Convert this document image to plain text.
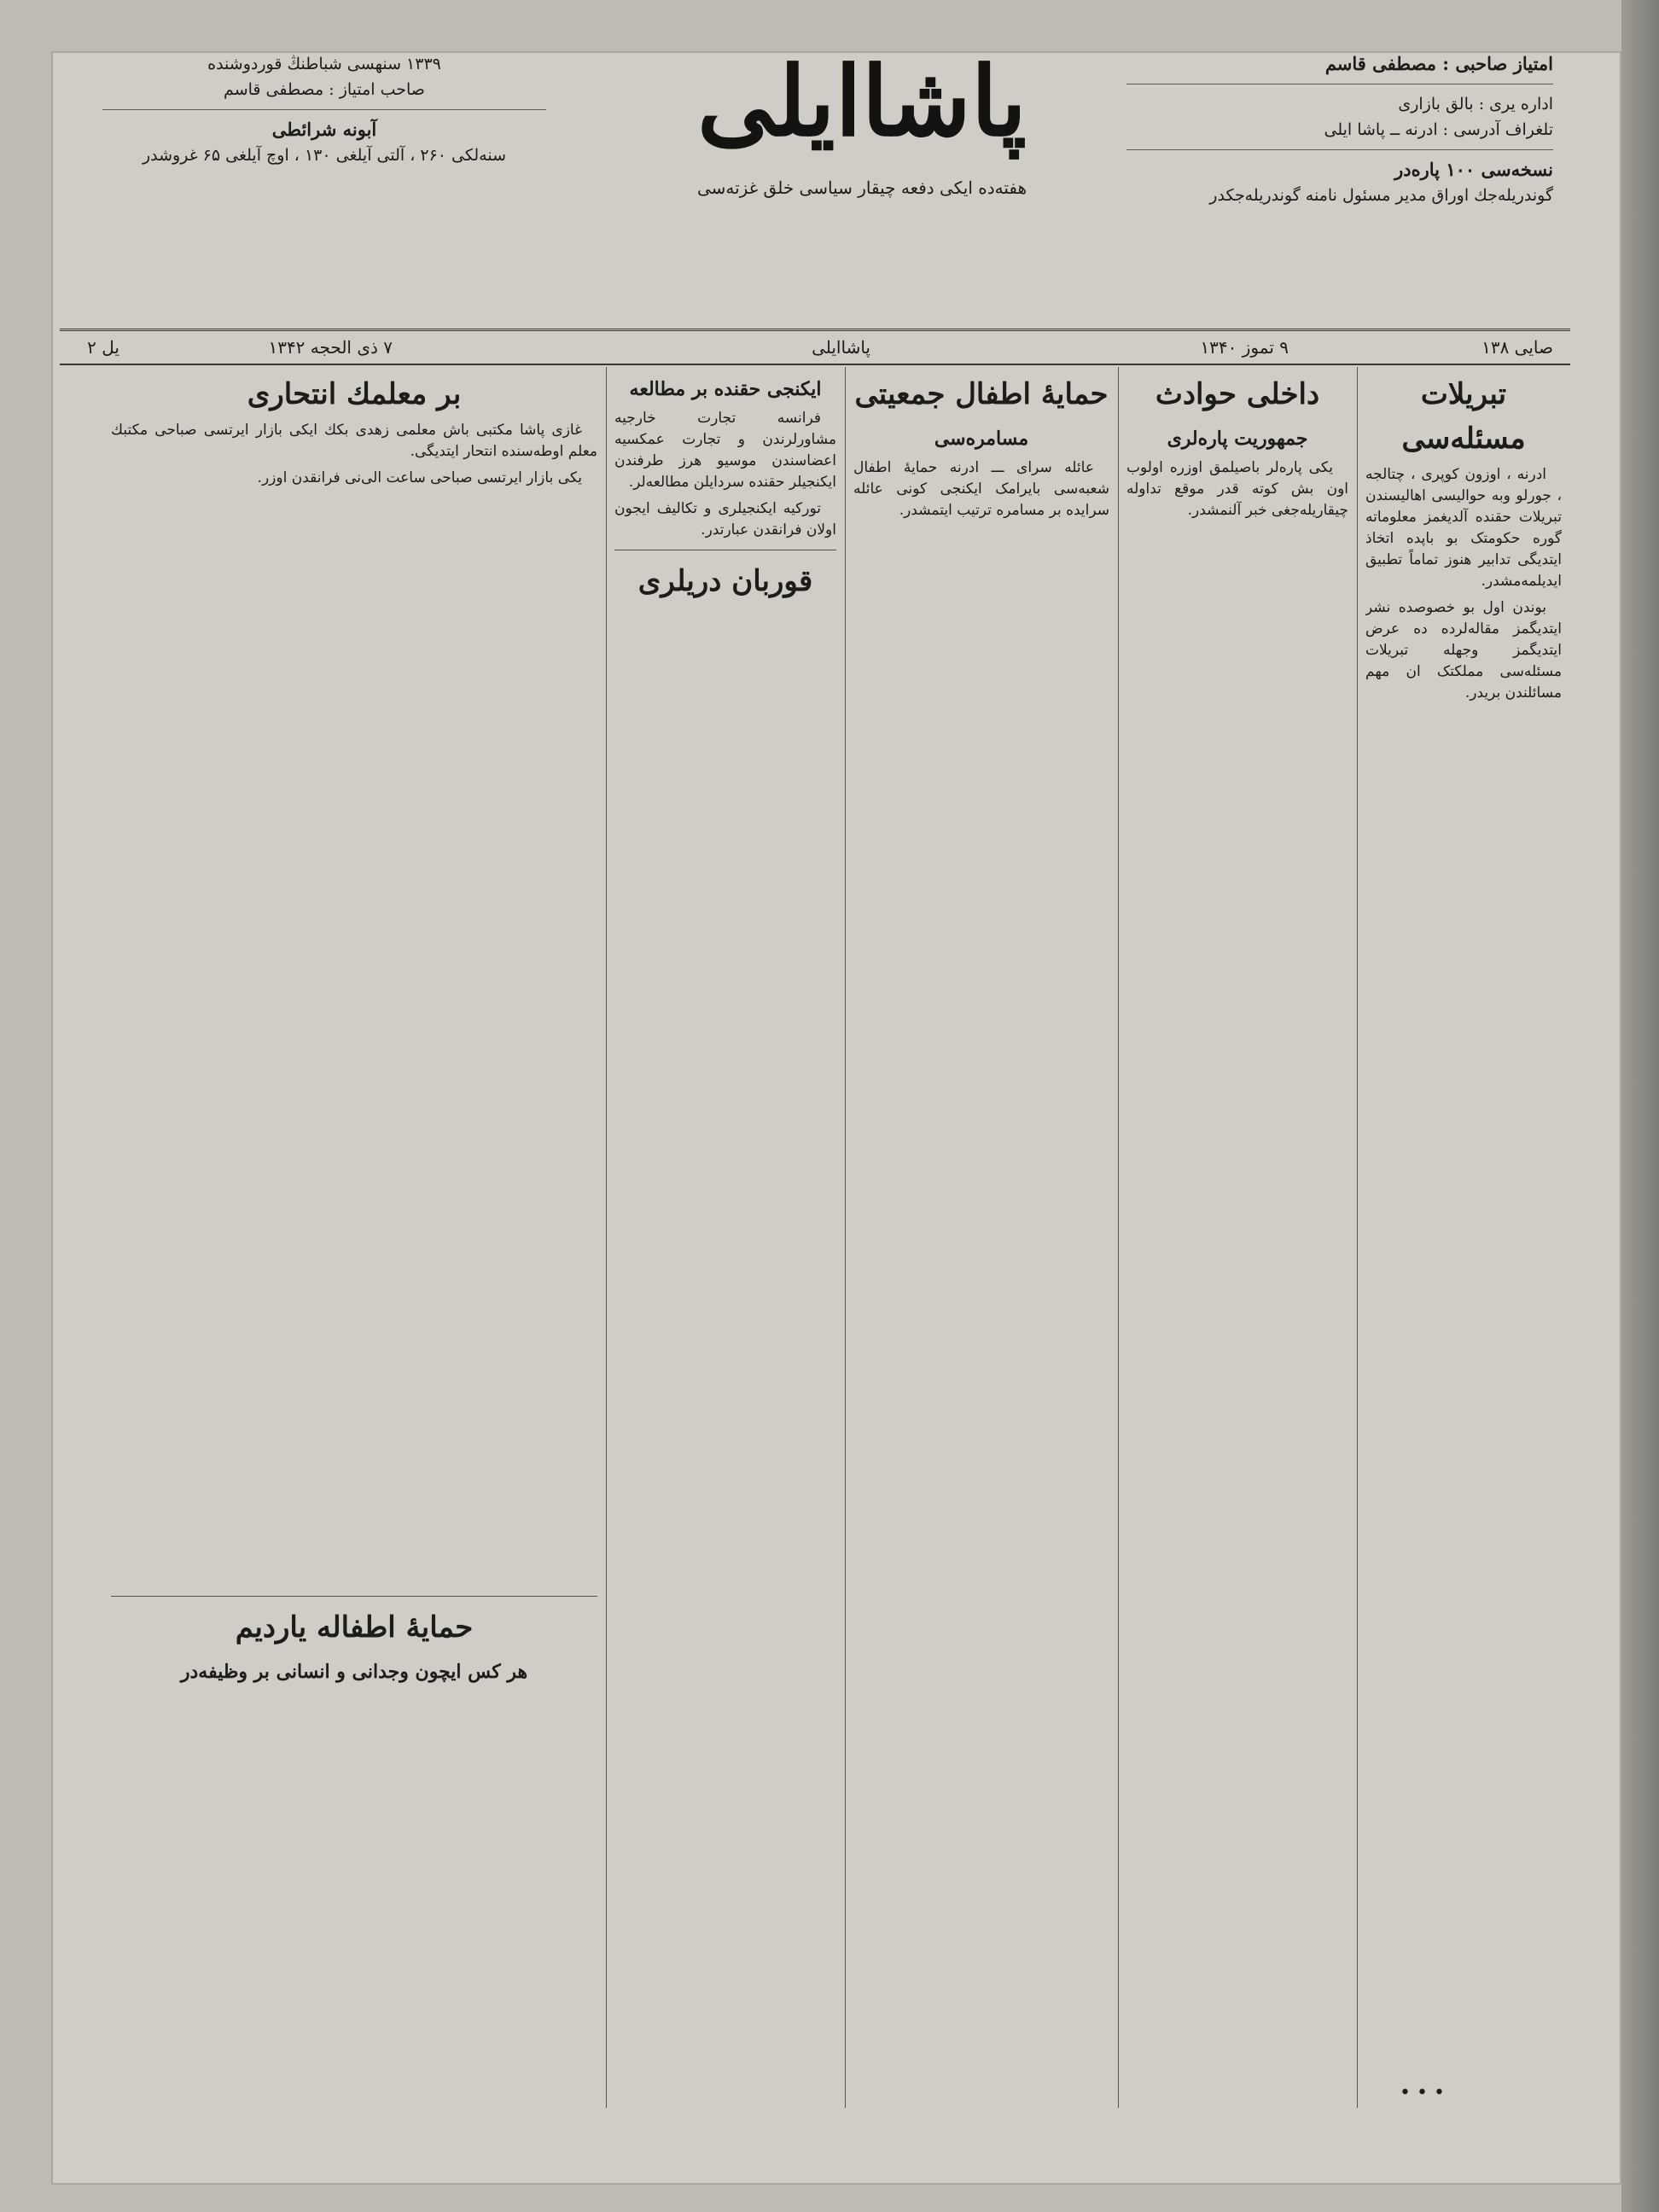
امتیاز صاحبی : مصطفی قاسم
اداره یری : بالق بازاری
تلغراف آدرسی : ادرنه ــ پاشا ایلی
نسخه‌سی ۱۰۰ پاره‌در
گوندریله‌جك اوراق مدیر مسئول نامنه گوندریله‌جكدر
۱۳۳۹ سنهسی شباطنڭ قوردوشنده
صاحب امتیاز : مصطفی قاسم
آبونه شرائطی
سنه‌لکی ۲۶۰ ، آلتی آیلغی ۱۳۰ ، اوچ آیلغی ۶۵ غروشدر	پاشاایلی
هفته‌ده ایکی دفعه چیقار سیاسی خلق غزته‌سی
صایی ۱۳۸
۹ تموز ۱۳۴۰
پاشاایلی
۷ ذی الحجه ۱۳۴۲
یل ۲
تبریلات مسئله‌سی

ادرنه ، اوزون کوپری ، چتالجه ، جورلو وبه حوالیسی اهالیسندن تبریلات حقنده آلدیغمز معلوماته گوره حکومتک بو باپده اتخاذ ایتدیگی تدابیر هنوز تماماً تطبیق ایدیلمه‌مشدر.

بوندن اول بو خصوصده نشر ایتدیگمز مقاله‌لرده ده عرض ایتدیگمز وجهله تبریلات مسئله‌سی مملکتک ان مهم مسائلندن بریدر.

داخلی حوادث
جمهوریت پاره‌لری

یکی پاره‌لر باصیلمق اوزره اولوب اون بش کوته قدر موقع تداوله چیقاریله‌جغی خبر آلنمشدر.

حمایۀ اطفال جمعیتی
مسامره‌سی

عائله سرای ـــ ادرنه حمایۀ اطفال شعبه‌سی بایرامک ایکنجی کونی عائله سرایده بر مسامره ترتیب ایتمشدر.

ایکنجی حقنده بر مطالعه

فرانسه تجارت خارجیه مشاورلرندن و تجارت عمکسیه اعضاسندن موسیو هرز طرفندن ایکنجیلر حقنده سردایلن مطالعه‌لر.

تورکیه ایکنجیلری و تکالیف ایجون اولان فرانقدن عبارتدر.

قوربان دریلری
بر معلمك انتحاری

غازی پاشا مکتبی باش معلمی زهدی بکك ایکی بازار ایرتسی صباحی مکتبك معلم اوطه‌سنده انتحار ایتدیگی.

یکی بازار ایرتسی صباحی ساعت الی‌نی فرانقدن اوزر.

حمایۀ اطفاله یاردیم
هر کس ایچون وجدانی و انسانی بر وظیفه‌در
• • •
